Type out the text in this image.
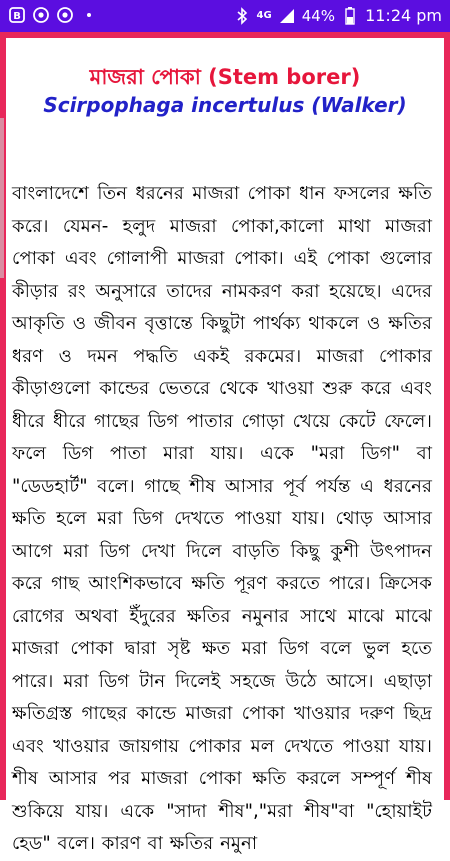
B	4G 44% 11:24 pm
মাজরা পোকা (Stem borer)
Scirpophaga incertulus (Walker)
বাংলাদেশে তিন ধরনের মাজরা পোকা ধান ফসলের ক্ষতি করে। যেমন- হলুদ মাজরা পোকা,কালো মাথা মাজরা পোকা এবং গোলাপী মাজরা পোকা। এই পোকা গুলোর কীড়ার রং অনুসারে তাদের নামকরণ করা হয়েছে। এদের আকৃতি ও জীবন বৃত্তান্তে কিছুটা পার্থক্য থাকলে ও ক্ষতির ধরণ ও দমন পদ্ধতি একই রকমের। মাজরা পোকার কীড়াগুলো কান্ডের ভেতরে থেকে খাওয়া শুরু করে এবং ধীরে ধীরে গাছের ডিগ পাতার গোড়া খেয়ে কেটে ফেলে। ফলে ডিগ পাতা মারা যায়। একে "মরা ডিগ" বা "ডেডহার্ট" বলে। গাছে শীষ আসার পূর্ব পর্যন্ত এ ধরনের ক্ষতি হলে মরা ডিগ দেখতে পাওয়া যায়। থোড় আসার আগে মরা ডিগ দেখা দিলে বাড়তি কিছু কুশী উৎপাদন করে গাছ আংশিকভাবে ক্ষতি পূরণ করতে পারে। ক্রিসেক রোগের অথবা ইঁদুরের ক্ষতির নমুনার সাথে মাঝে মাঝে মাজরা পোকা দ্বারা সৃষ্ট ক্ষত মরা ডিগ বলে ভুল হতে পারে। মরা ডিগ টান দিলেই সহজে উঠে আসে। এছাড়া ক্ষতিগ্রস্ত গাছের কান্ডে মাজরা পোকা খাওয়ার দরুণ ছিদ্র এবং খাওয়ার জায়গায় পোকার মল দেখতে পাওয়া যায়। শীষ আসার পর মাজরা পোকা ক্ষতি করলে সম্পূর্ণ শীষ শুকিয়ে যায়। একে "সাদা শীষ","মরা শীষ"বা "হোয়াইট হেড" বলে। কারণ বা ক্ষতির নমুনা
